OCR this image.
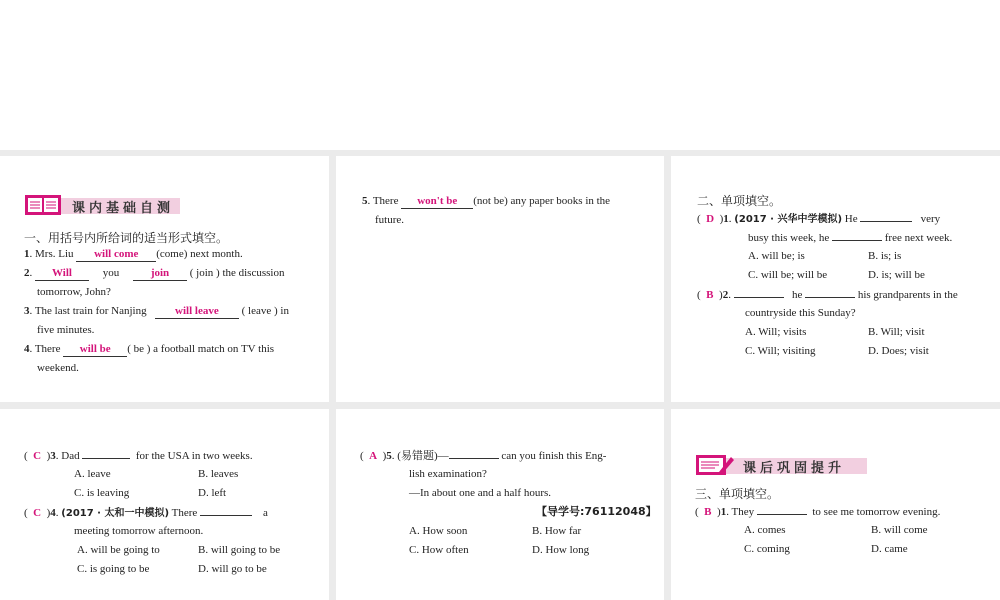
课内基础自测
一、用括号内所给词的适当形式填空。
1. Mrs. Liu will come (come) next month.
2. Will	you	join ( join ) the discussion
tomorrow, John?
3. The last train for Nanjing	will leave ( leave ) in
five minutes.
4. There will be ( be ) a football match on TV this
weekend.
5. There won't be (not be) any paper books in the
future.
二、单项填空。
(  D  )1. (2017 · 兴华中学模拟) He	very
busy this week, he	free next week.
A. will be; is	B. is; is
C. will be; will be	D. is; will be
(  B  )2.	he	his grandparents in the
countryside this Sunday?
A. Will; visits	B. Will; visit
C. Will; visiting	D. Does; visit
(  C  )3. Dad	for the USA in two weeks.
A. leave	B. leaves
C. is leaving	D. left
(  C  )4. (2017 · 太和一中模拟) There	a
meeting tomorrow afternoon.
A. will be going to	B. will going to be
C. is going to be	D. will go to be
(  A  )5. (易错题)—	can you finish this Eng-
lish examination?
—In about one and a half hours.
【导学号:76112048】
A. How soon	B. How far
C. How often	D. How long
课后巩固提升
三、单项填空。
(  B  )1. They	to see me tomorrow evening.
A. comes	B. will come
C. coming	D. came
